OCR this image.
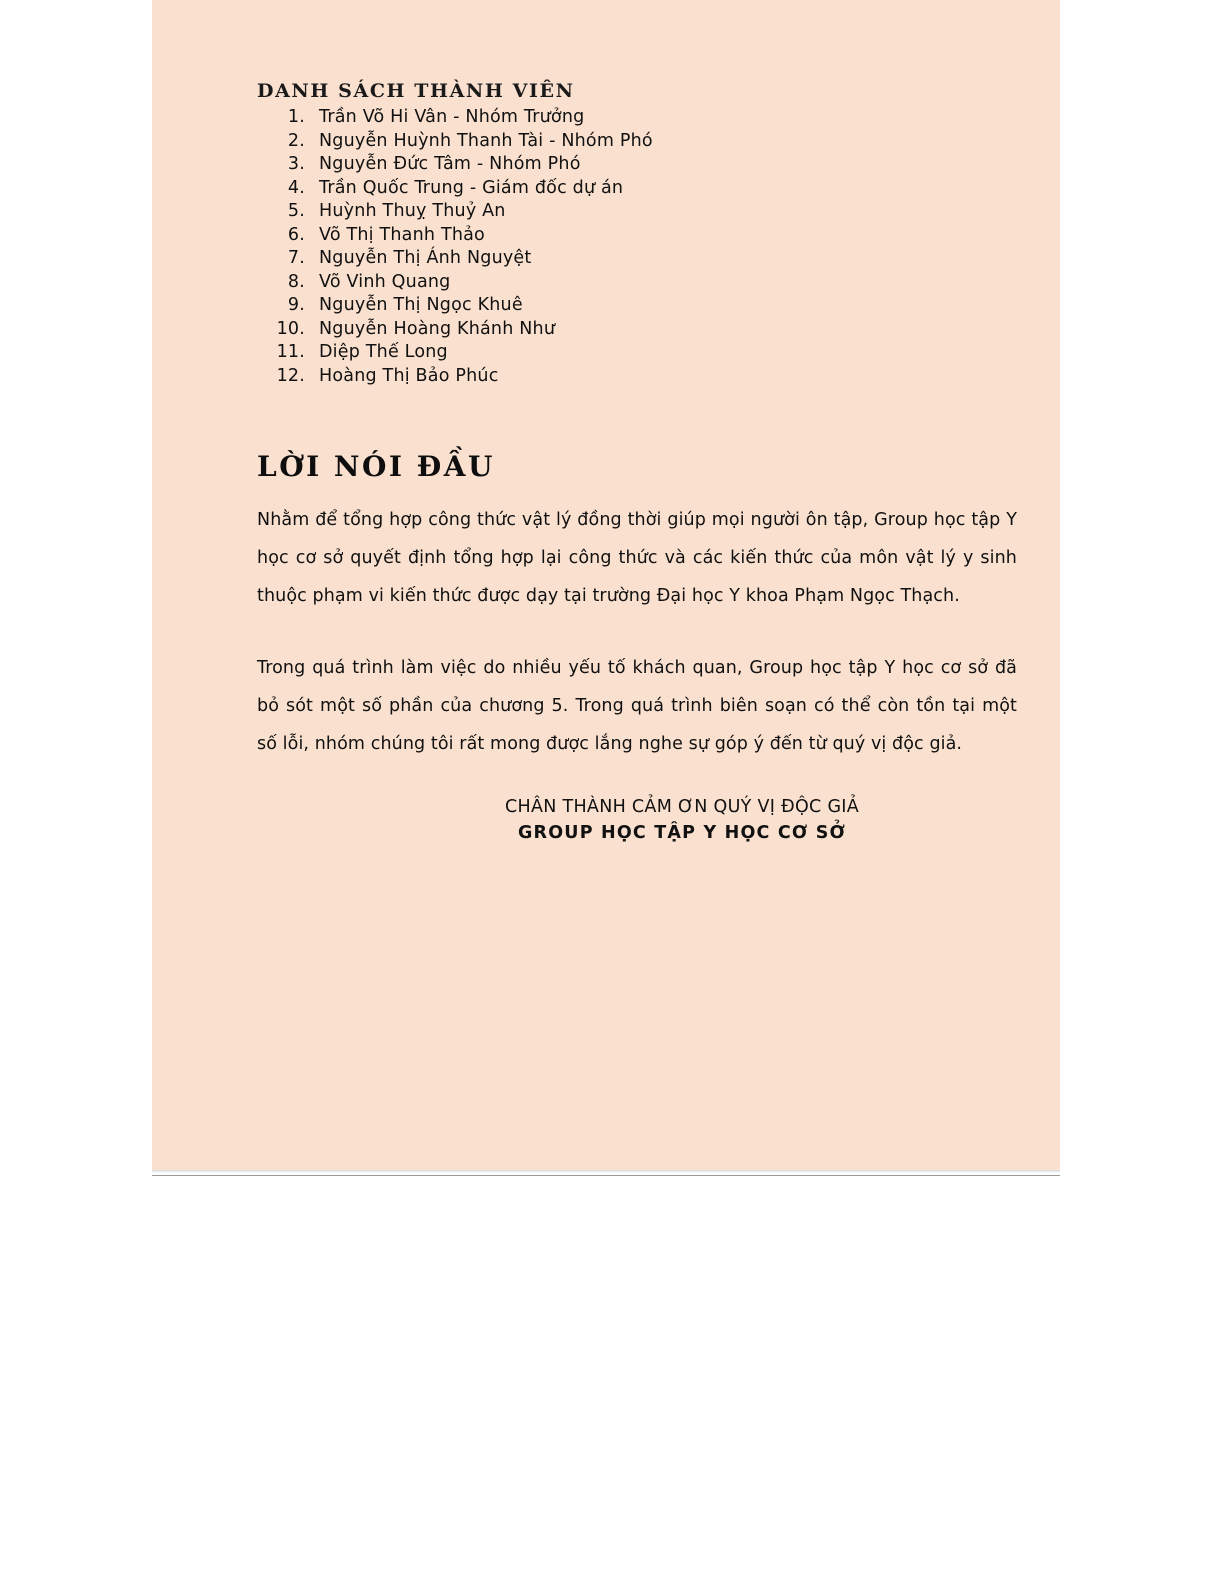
DANH SÁCH THÀNH VIÊN
Trần Võ Hi Vân - Nhóm Trưởng
Nguyễn Huỳnh Thanh Tài - Nhóm Phó
Nguyễn Đức Tâm - Nhóm Phó
Trần Quốc Trung - Giám đốc dự án
Huỳnh Thuỵ Thuỷ An
Võ Thị Thanh Thảo
Nguyễn Thị Ánh Nguyệt
Võ Vinh Quang
Nguyễn Thị Ngọc Khuê
Nguyễn Hoàng Khánh Như
Diệp Thế Long
Hoàng Thị Bảo Phúc
LỜI NÓI ĐẦU

Nhằm để tổng hợp công thức vật lý đồng thời giúp mọi người ôn tập, Group học tập Y học cơ sở quyết định tổng hợp lại công thức và các kiến thức của môn vật lý y sinh thuộc phạm vi kiến thức được dạy tại trường Đại học Y khoa Phạm Ngọc Thạch.

Trong quá trình làm việc do nhiều yếu tố khách quan, Group học tập Y học cơ sở đã bỏ sót một số phần của chương 5. Trong quá trình biên soạn có thể còn tồn tại một số lỗi, nhóm chúng tôi rất mong được lắng nghe sự góp ý đến từ quý vị độc giả.

CHÂN THÀNH CẢM ƠN QUÝ VỊ ĐỘC GIẢ
GROUP HỌC TẬP Y HỌC CƠ SỞ
